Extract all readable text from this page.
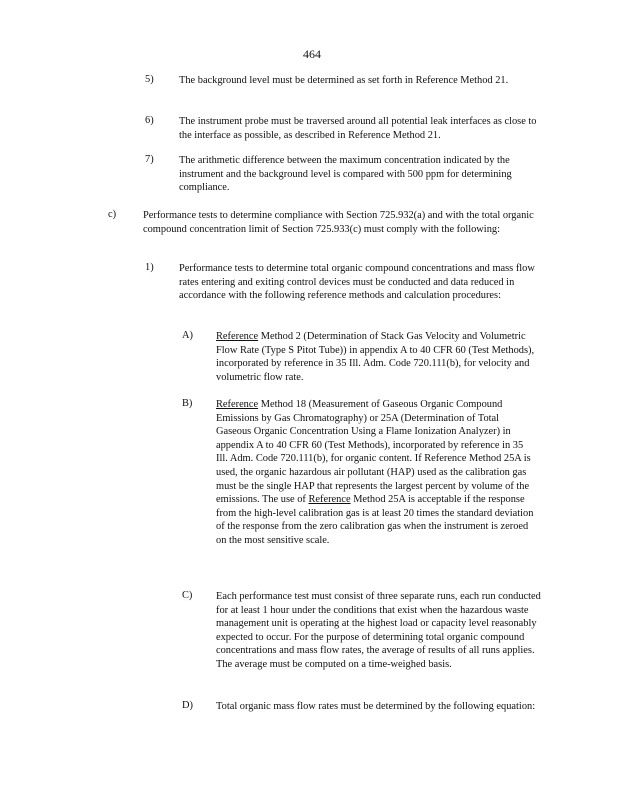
464
5) The background level must be determined as set forth in Reference Method 21.
6) The instrument probe must be traversed around all potential leak interfaces as close to the interface as possible, as described in Reference Method 21.
7) The arithmetic difference between the maximum concentration indicated by the instrument and the background level is compared with 500 ppm for determining compliance.
c)	Performance tests to determine compliance with Section 725.932(a) and with the total organic compound concentration limit of Section 725.933(c) must comply with the following:
1) Performance tests to determine total organic compound concentrations and mass flow rates entering and exiting control devices must be conducted and data reduced in accordance with the following reference methods and calculation procedures:
A) Reference Method 2 (Determination of Stack Gas Velocity and Volumetric Flow Rate (Type S Pitot Tube)) in appendix A to 40 CFR 60 (Test Methods), incorporated by reference in 35 Ill. Adm. Code 720.111(b), for velocity and volumetric flow rate.
B) Reference Method 18 (Measurement of Gaseous Organic Compound Emissions by Gas Chromatography) or 25A (Determination of Total Gaseous Organic Concentration Using a Flame Ionization Analyzer) in appendix A to 40 CFR 60 (Test Methods), incorporated by reference in 35 Ill. Adm. Code 720.111(b), for organic content. If Reference Method 25A is used, the organic hazardous air pollutant (HAP) used as the calibration gas must be the single HAP that represents the largest percent by volume of the emissions. The use of Reference Method 25A is acceptable if the response from the high-level calibration gas is at least 20 times the standard deviation of the response from the zero calibration gas when the instrument is zeroed on the most sensitive scale.
C) Each performance test must consist of three separate runs, each run conducted for at least 1 hour under the conditions that exist when the hazardous waste management unit is operating at the highest load or capacity level reasonably expected to occur. For the purpose of determining total organic compound concentrations and mass flow rates, the average of results of all runs applies. The average must be computed on a time-weighed basis.
D) Total organic mass flow rates must be determined by the following equation:
